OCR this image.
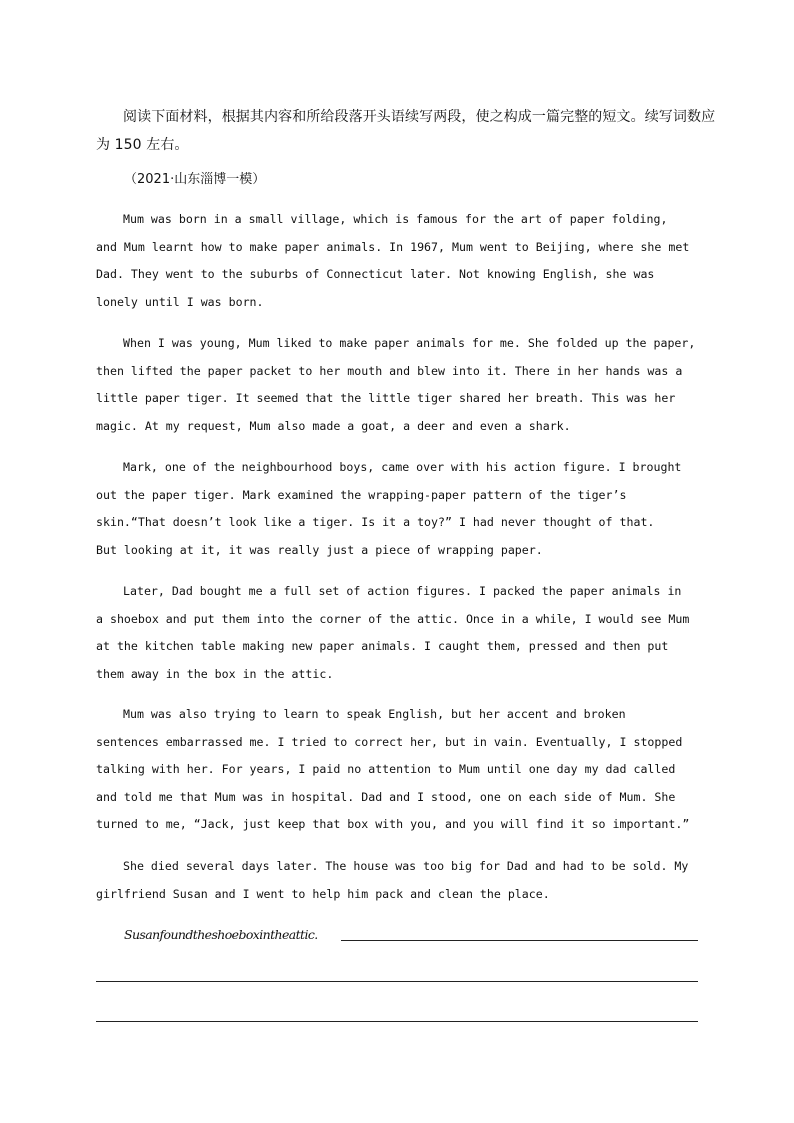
阅读下面材料，根据其内容和所给段落开头语续写两段，使之构成一篇完整的短文。续写词数应为 150 左右。
（2021·山东淄博一模）
Mum was born in a small village, which is famous for the art of paper folding,
and Mum learnt how to make paper animals. In 1967, Mum went to Beijing, where she met
Dad. They went to the suburbs of Connecticut later. Not knowing English, she was
lonely until I was born.
When I was young, Mum liked to make paper animals for me. She folded up the paper,
then lifted the paper packet to her mouth and blew into it. There in her hands was a
little paper tiger. It seemed that the little tiger shared her breath. This was her
magic. At my request, Mum also made a goat, a deer and even a shark.
Mark, one of the neighbourhood boys, came over with his action figure. I brought
out the paper tiger. Mark examined the wrapping-paper pattern of the tiger’s
skin.“That doesn’t look like a tiger. Is it a toy?” I had never thought of that.
But looking at it, it was really just a piece of wrapping paper.
Later, Dad bought me a full set of action figures. I packed the paper animals in
a shoebox and put them into the corner of the attic. Once in a while, I would see Mum
at the kitchen table making new paper animals. I caught them, pressed and then put
them away in the box in the attic.
Mum was also trying to learn to speak English, but her accent and broken
sentences embarrassed me. I tried to correct her, but in vain. Eventually, I stopped
talking with her. For years, I paid no attention to Mum until one day my dad called
and told me that Mum was in hospital. Dad and I stood, one on each side of Mum. She
turned to me, “Jack, just keep that box with you, and you will find it so important.”
She died several days later. The house was too big for Dad and had to be sold. My
girlfriend Susan and I went to help him pack and clean the place.
Susanfoundtheshoeboxintheattic.
